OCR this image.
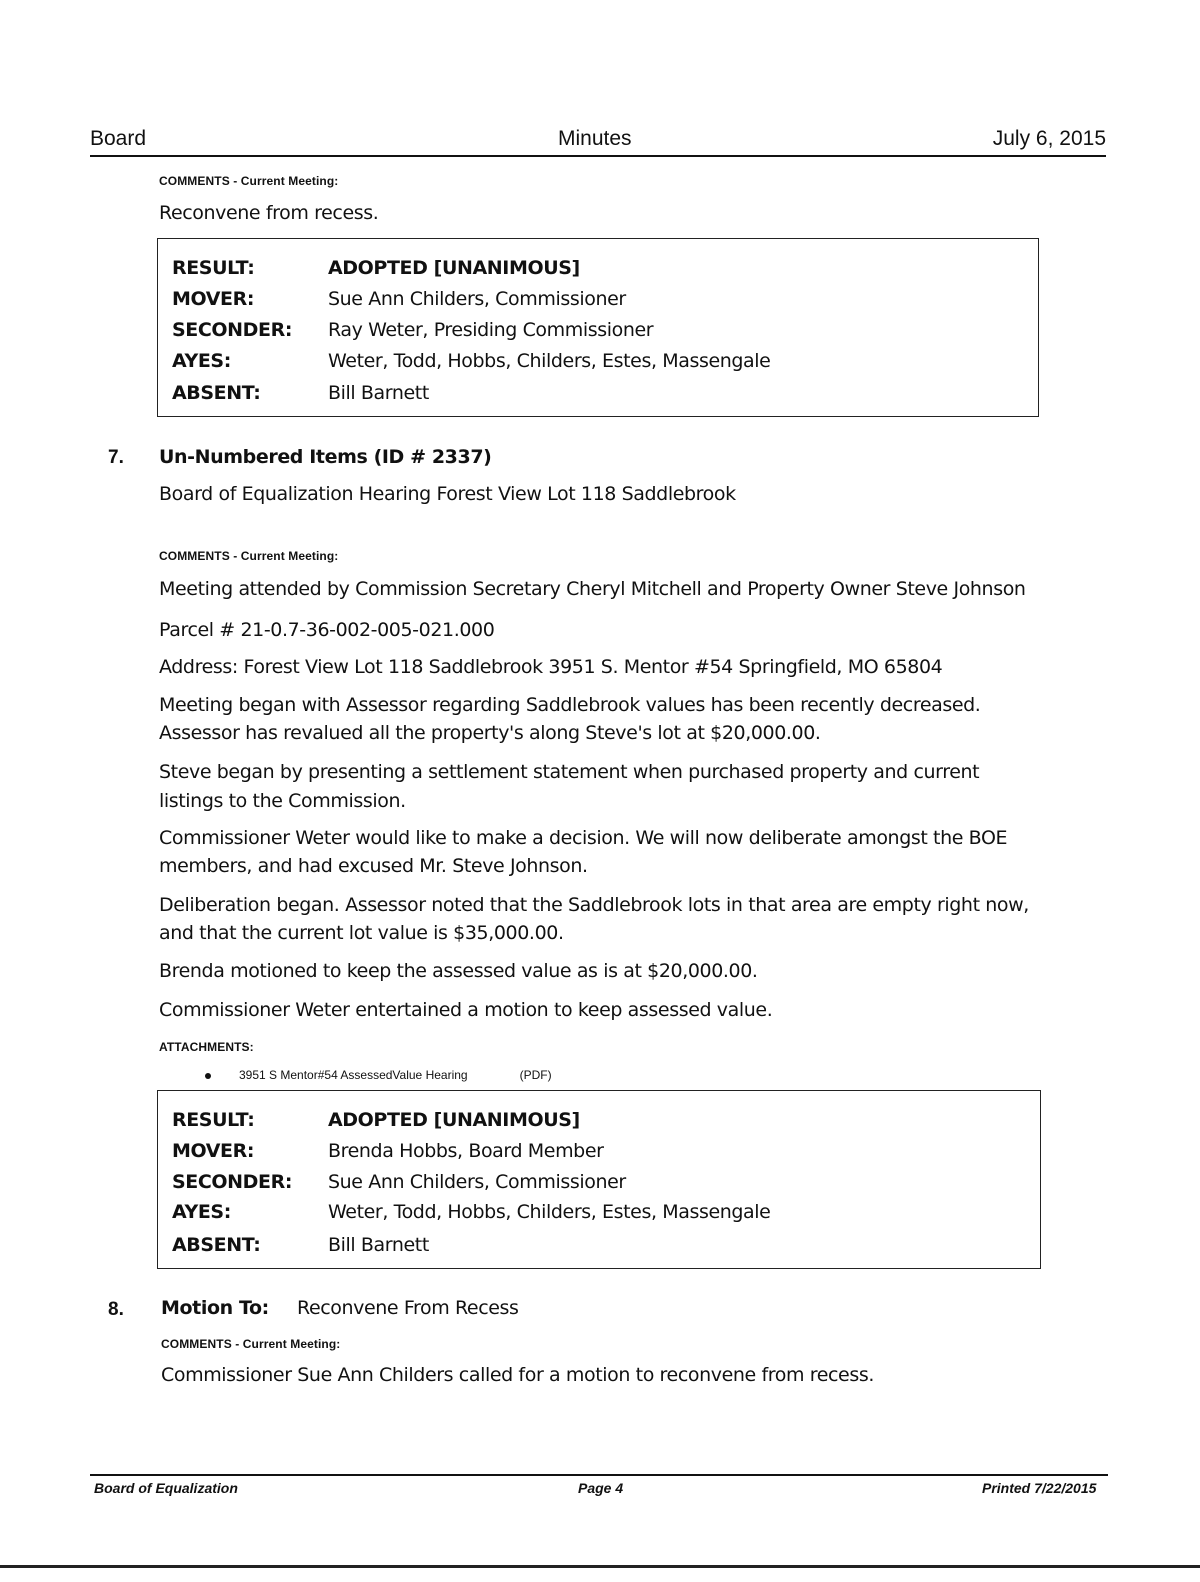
Board	Minutes	July 6, 2015
COMMENTS - Current Meeting:
Reconvene from recess.
RESULT:	ADOPTED [UNANIMOUS]
MOVER:	Sue Ann Childers, Commissioner
SECONDER: Ray Weter, Presiding Commissioner
AYES:	Weter, Todd, Hobbs, Childers, Estes, Massengale
ABSENT:	Bill Barnett
7. Un-Numbered Items (ID # 2337)
Board of Equalization Hearing Forest View Lot 118 Saddlebrook
COMMENTS - Current Meeting:
Meeting attended by Commission Secretary Cheryl Mitchell and Property Owner Steve Johnson
Parcel # 21-0.7-36-002-005-021.000
Address: Forest View Lot 118 Saddlebrook 3951 S. Mentor #54 Springfield, MO 65804
Meeting began with Assessor regarding Saddlebrook values has been recently decreased.
Assessor has revalued all the property's along Steve's lot at $20,000.00.
Steve began by presenting a settlement statement when purchased property and current
listings to the Commission.
Commissioner Weter would like to make a decision. We will now deliberate amongst the BOE
members, and had excused Mr. Steve Johnson.
Deliberation began. Assessor noted that the Saddlebrook lots in that area are empty right now,
and that the current lot value is $35,000.00.
Brenda motioned to keep the assessed value as is at $20,000.00.
Commissioner Weter entertained a motion to keep assessed value.
ATTACHMENTS:
3951 S Mentor#54 AssessedValue Hearing	(PDF)
RESULT:	ADOPTED [UNANIMOUS]
MOVER:	Brenda Hobbs, Board Member
SECONDER: Sue Ann Childers, Commissioner
AYES:	Weter, Todd, Hobbs, Childers, Estes, Massengale
ABSENT:	Bill Barnett
8. Motion To: Reconvene From Recess
COMMENTS - Current Meeting:
Commissioner Sue Ann Childers called for a motion to reconvene from recess.
Board of Equalization	Page 4	Printed 7/22/2015
